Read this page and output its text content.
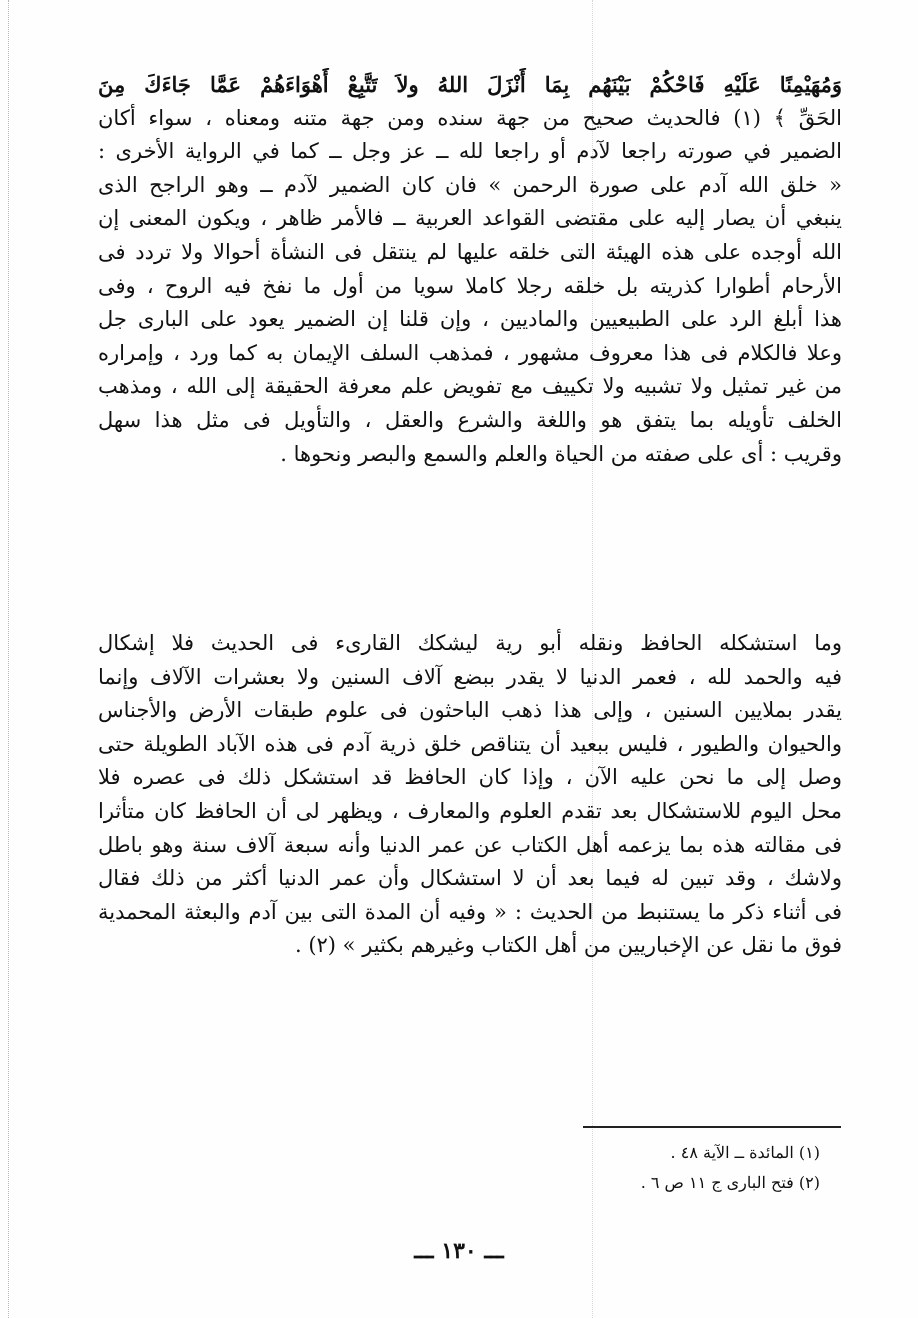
وَمُهَيْمِنًا عَلَيْهِ فَاحْكُمْ بَيْنَهُم بِمَا أَنْزَلَ اللهُ ولاَ تَتَّبِعْ أَهْوَاءَهُمْ عَمَّا جَاءَكَ مِنَ
الحَقِّ ﴾ (١) فالحديث صحيح من جهة سنده ومن جهة متنه ومعناه ، سواء أكان
الضمير في صورته راجعا لآدم أو راجعا لله ــ عز وجل ــ كما في الرواية الأخرى :
« خلق الله آدم على صورة الرحمن » فان كان الضمير لآدم ــ وهو الراجح الذى
ينبغي أن يصار إليه على مقتضى القواعد العربية ــ فالأمر ظاهر ، ويكون المعنى إن
الله أوجده على هذه الهيئة التى خلقه عليها لم ينتقل فى النشأة أحوالا ولا تردد فى
الأرحام أطوارا كذريته بل خلقه رجلا كاملا سويا من أول ما نفخ فيه الروح ، وفى
هذا أبلغ الرد على الطبيعيين والماديين ، وإن قلنا إن الضمير يعود على البارى جل
وعلا فالكلام فى هذا معروف مشهور ، فمذهب السلف الإيمان به كما ورد ، وإمراره
من غير تمثيل ولا تشبيه ولا تكييف مع تفويض علم معرفة الحقيقة إلى الله ، ومذهب
الخلف تأويله بما يتفق هو واللغة والشرع والعقل ، والتأويل فى مثل هذا سهل
وقريب : أى على صفته من الحياة والعلم والسمع والبصر ونحوها .
وما استشكله الحافظ ونقله أبو رية ليشكك القارىء فى الحديث فلا إشكال
فيه والحمد لله ، فعمر الدنيا لا يقدر ببضع آلاف السنين ولا بعشرات الآلاف وإنما
يقدر بملايين السنين ، وإلى هذا ذهب الباحثون فى علوم طبقات الأرض والأجناس
والحيوان والطيور ، فليس ببعيد أن يتناقص خلق ذرية آدم فى هذه الآباد الطويلة حتى
وصل إلى ما نحن عليه الآن ، وإذا كان الحافظ قد استشكل ذلك فى عصره فلا
محل اليوم للاستشكال بعد تقدم العلوم والمعارف ، ويظهر لى أن الحافظ كان متأثرا
فى مقالته هذه بما يزعمه أهل الكتاب عن عمر الدنيا وأنه سبعة آلاف سنة وهو باطل
ولاشك ، وقد تبين له فيما بعد أن لا استشكال وأن عمر الدنيا أكثر من ذلك فقال
فى أثناء ذكر ما يستنبط من الحديث : « وفيه أن المدة التى بين آدم والبعثة المحمدية
فوق ما نقل عن الإخباريين من أهل الكتاب وغيرهم بكثير » (٢) .
(١) المائدة ــ الآية ٤٨ .
(٢) فتح البارى ج ١١ ص ٦ .
ـــ ١٣٠ ـــ
